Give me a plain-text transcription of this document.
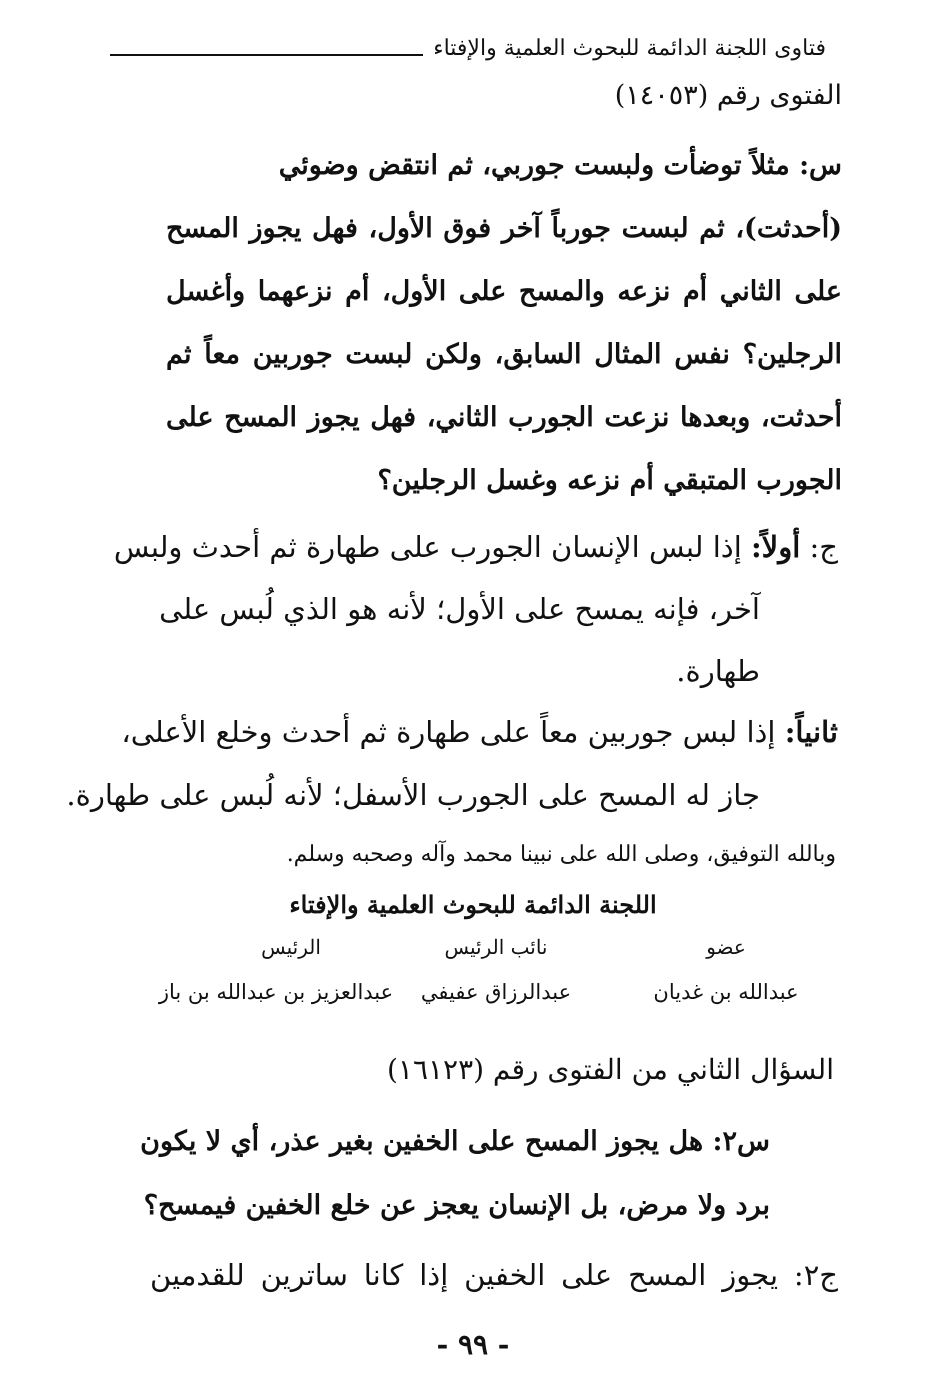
فتاوى اللجنة الدائمة للبحوث العلمية والإفتاء
الفتوى رقم (١٤٠٥٣)
س: مثلاً توضأت ولبست جوربي، ثم انتقض وضوئي
(أحدثت)، ثم لبست جورباً آخر فوق الأول، فهل يجوز المسح
على الثاني أم نزعه والمسح على الأول، أم نزعهما وأغسل
الرجلين؟ نفس المثال السابق، ولكن لبست جوربين معاً ثم
أحدثت، وبعدها نزعت الجورب الثاني، فهل يجوز المسح على
الجورب المتبقي أم نزعه وغسل الرجلين؟
ج: أولاً: إذا لبس الإنسان الجورب على طهارة ثم أحدث ولبس
آخر، فإنه يمسح على الأول؛ لأنه هو الذي لُبس على
طهارة.
ثانياً: إذا لبس جوربين معاً على طهارة ثم أحدث وخلع الأعلى،
جاز له المسح على الجورب الأسفل؛ لأنه لُبس على طهارة.
وبالله التوفيق، وصلى الله على نبينا محمد وآله وصحبه وسلم.
اللجنة الدائمة للبحوث العلمية والإفتاء
الرئيس	نائب الرئيس	عضو
عبدالعزيز بن عبدالله بن باز	عبدالرزاق عفيفي	عبدالله بن غديان
السؤال الثاني من الفتوى رقم (١٦١٢٣)
س٢: هل يجوز المسح على الخفين بغير عذر، أي لا يكون
برد ولا مرض، بل الإنسان يعجز عن خلع الخفين فيمسح؟
ج٢: يجوز المسح على الخفين إذا كانا ساترين للقدمين
- ٩٩ -
